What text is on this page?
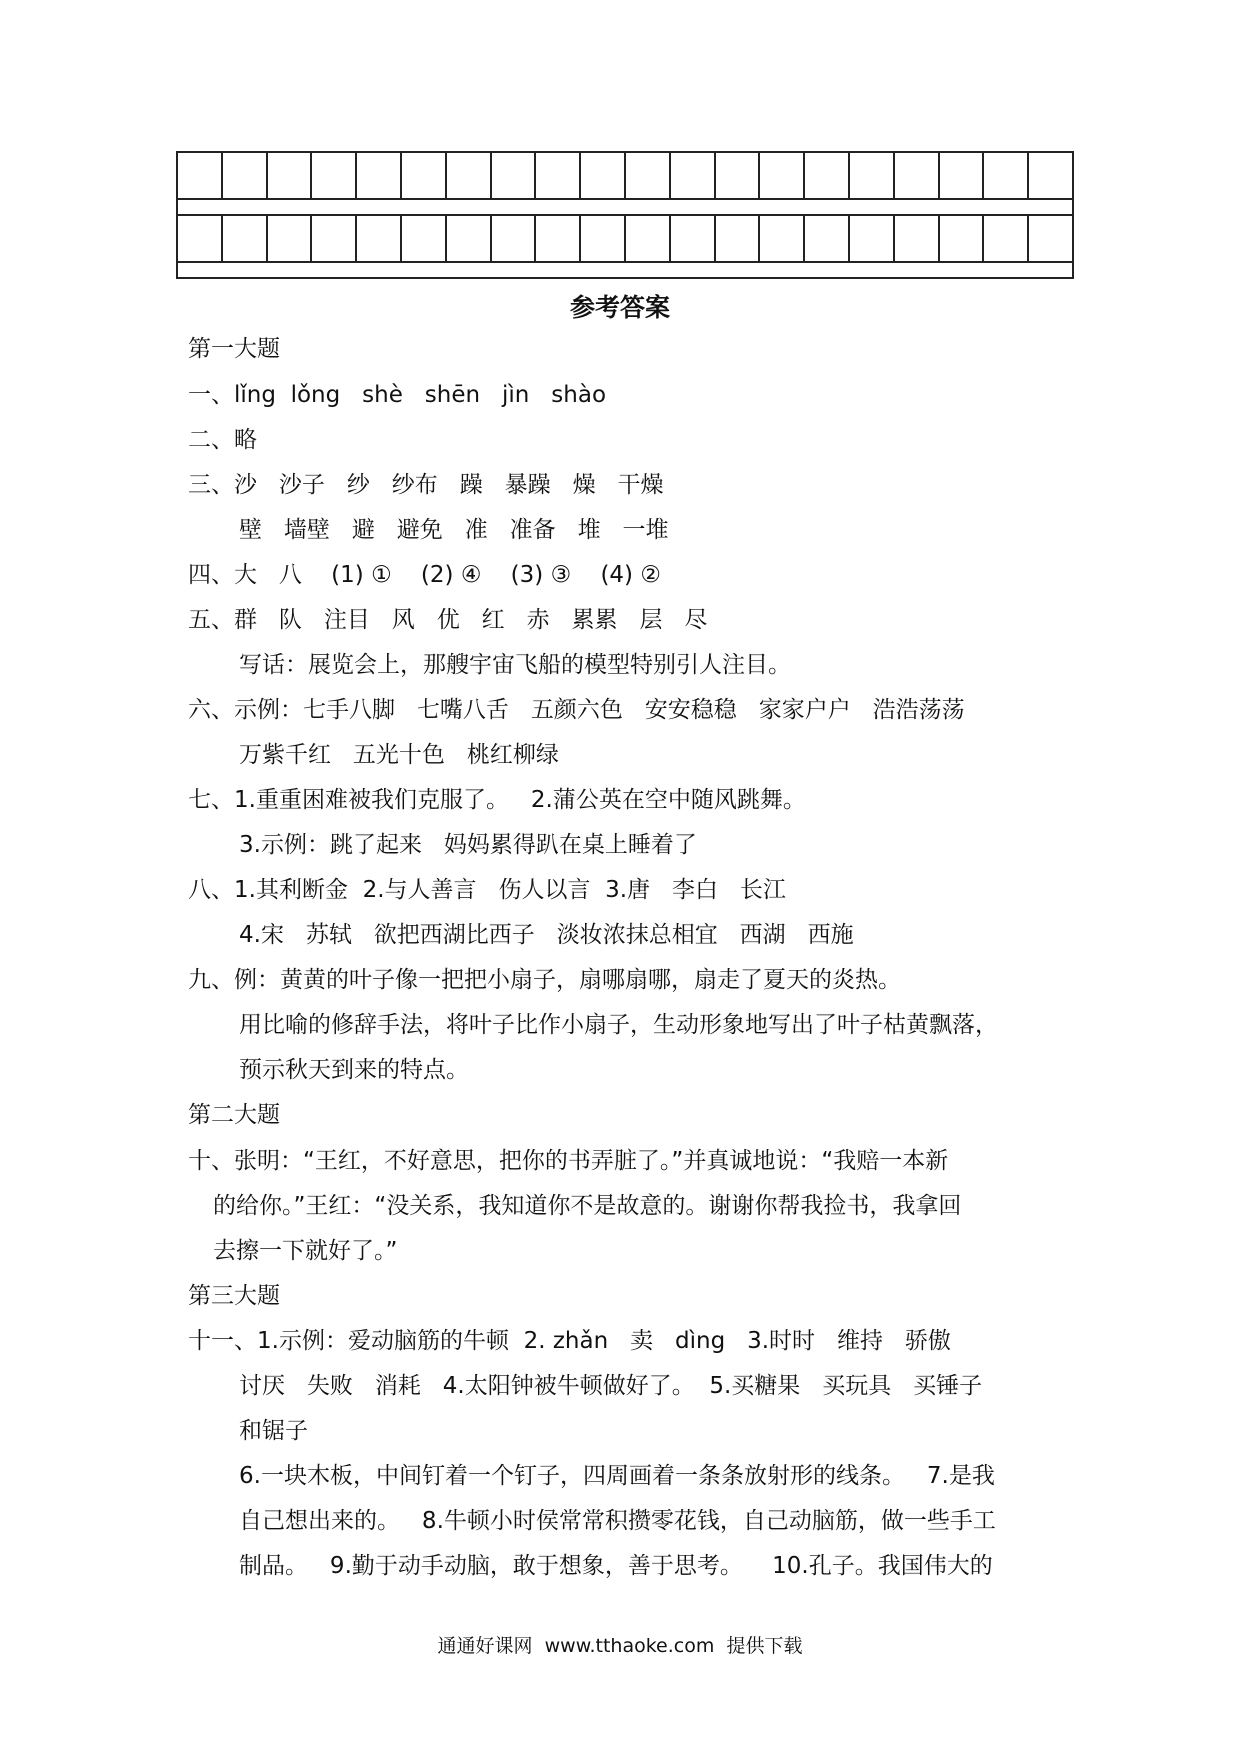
参考答案
第一大题
一、lǐng  lǒng   shè   shēn   jìn   shào
二、略
三、沙   沙子   纱   纱布   躁   暴躁   燥   干燥
壁   墙壁   避   避免   准   准备   堆   一堆
四、大   八    (1) ①    (2) ④    (3) ③    (4) ②
五、群   队   注目   风   优   红   赤   累累   层   尽
写话：展览会上，那艘宇宙飞船的模型特别引人注目。
六、示例：七手八脚   七嘴八舌   五颜六色   安安稳稳   家家户户   浩浩荡荡
万紫千红   五光十色   桃红柳绿
七、1.重重困难被我们克服了。   2.蒲公英在空中随风跳舞。
3.示例：跳了起来   妈妈累得趴在桌上睡着了
八、1.其利断金  2.与人善言   伤人以言  3.唐   李白   长江
4.宋   苏轼   欲把西湖比西子   淡妆浓抹总相宜   西湖   西施
九、例：黄黄的叶子像一把把小扇子，扇哪扇哪，扇走了夏天的炎热。
用比喻的修辞手法，将叶子比作小扇子，生动形象地写出了叶子枯黄飘落，
预示秋天到来的特点。
第二大题
十、张明：“王红，不好意思，把你的书弄脏了。”并真诚地说：“我赔一本新
的给你。”王红：“没关系，我知道你不是故意的。谢谢你帮我捡书，我拿回
去擦一下就好了。”
第三大题
十一、1.示例：爱动脑筋的牛顿  2. zhǎn   卖   dìng   3.时时   维持   骄傲
讨厌   失败   消耗   4.太阳钟被牛顿做好了。  5.买糖果   买玩具   买锤子
和锯子
6.一块木板，中间钉着一个钉子，四周画着一条条放射形的线条。   7.是我
自己想出来的。   8.牛顿小时侯常常积攒零花钱，自己动脑筋，做一些手工
制品。   9.勤于动手动脑，敢于想象，善于思考。    10.孔子。我国伟大的
通通好课网  www.tthaoke.com  提供下载
